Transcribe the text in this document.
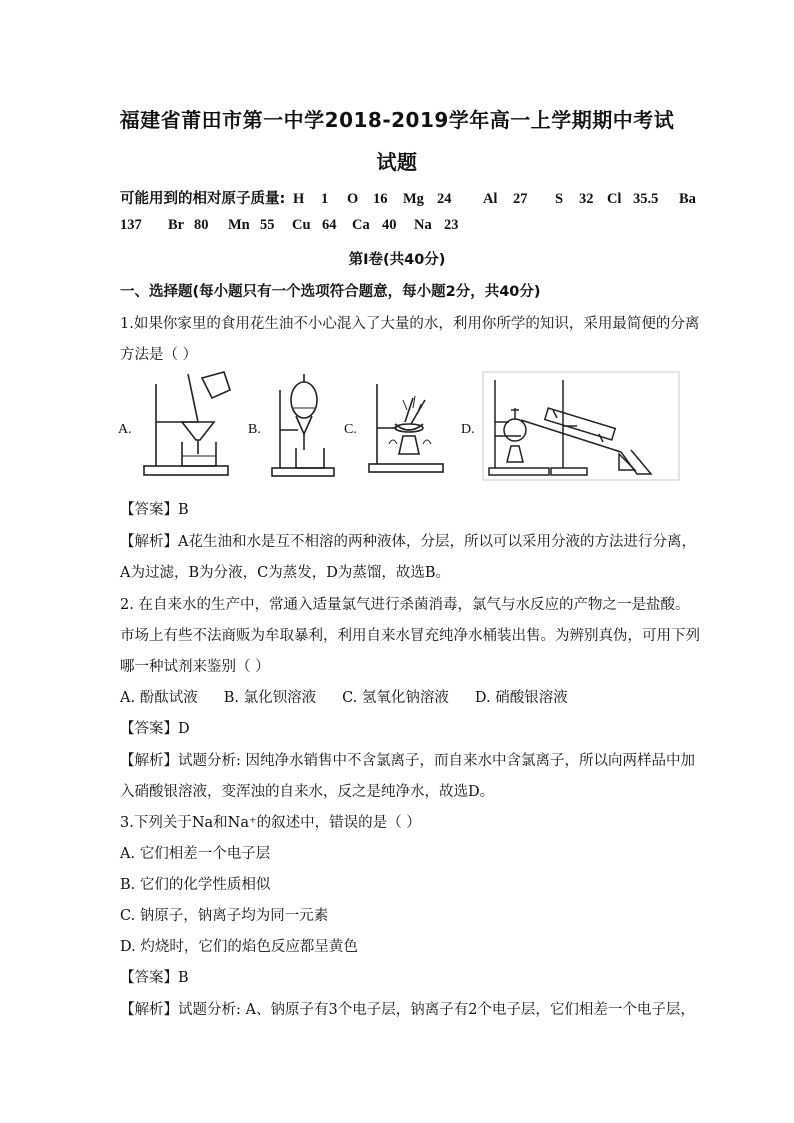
福建省莆田市第一中学2018-2019学年高一上学期期中考试
试题
可能用到的相对原子质量: H 1 O 16 Mg 24 Al 27 S 32 Cl 35.5 Ba
137 Br 80 Mn 55 Cu 64 Ca 40 Na 23
第Ⅰ卷(共40分)
一、选择题(每小题只有一个选项符合题意，每小题2分，共40分)
1.如果你家里的食用花生油不小心混入了大量的水，利用你所学的知识，采用最简便的分离
方法是（ ）
A.	B.	C.	D.
【答案】B
【解析】A花生油和水是互不相溶的两种液体，分层，所以可以采用分液的方法进行分离，
A为过滤，B为分液，C为蒸发，D为蒸馏，故选B。
2. 在自来水的生产中，常通入适量氯气进行杀菌消毒，氯气与水反应的产物之一是盐酸。
市场上有些不法商贩为牟取暴利，利用自来水冒充纯净水桶装出售。为辨别真伪，可用下列
哪一种试剂来鉴别（ ）
A. 酚酞试液 B. 氯化钡溶液 C. 氢氧化钠溶液 D. 硝酸银溶液
【答案】D
【解析】试题分析: 因纯净水销售中不含氯离子，而自来水中含氯离子，所以向两样品中加
入硝酸银溶液，变浑浊的自来水，反之是纯净水，故选D。
3.下列关于Na和Na⁺的叙述中，错误的是（ ）
A. 它们相差一个电子层
B. 它们的化学性质相似
C. 钠原子，钠离子均为同一元素
D. 灼烧时，它们的焰色反应都呈黄色
【答案】B
【解析】试题分析: A、钠原子有3个电子层，钠离子有2个电子层，它们相差一个电子层，
